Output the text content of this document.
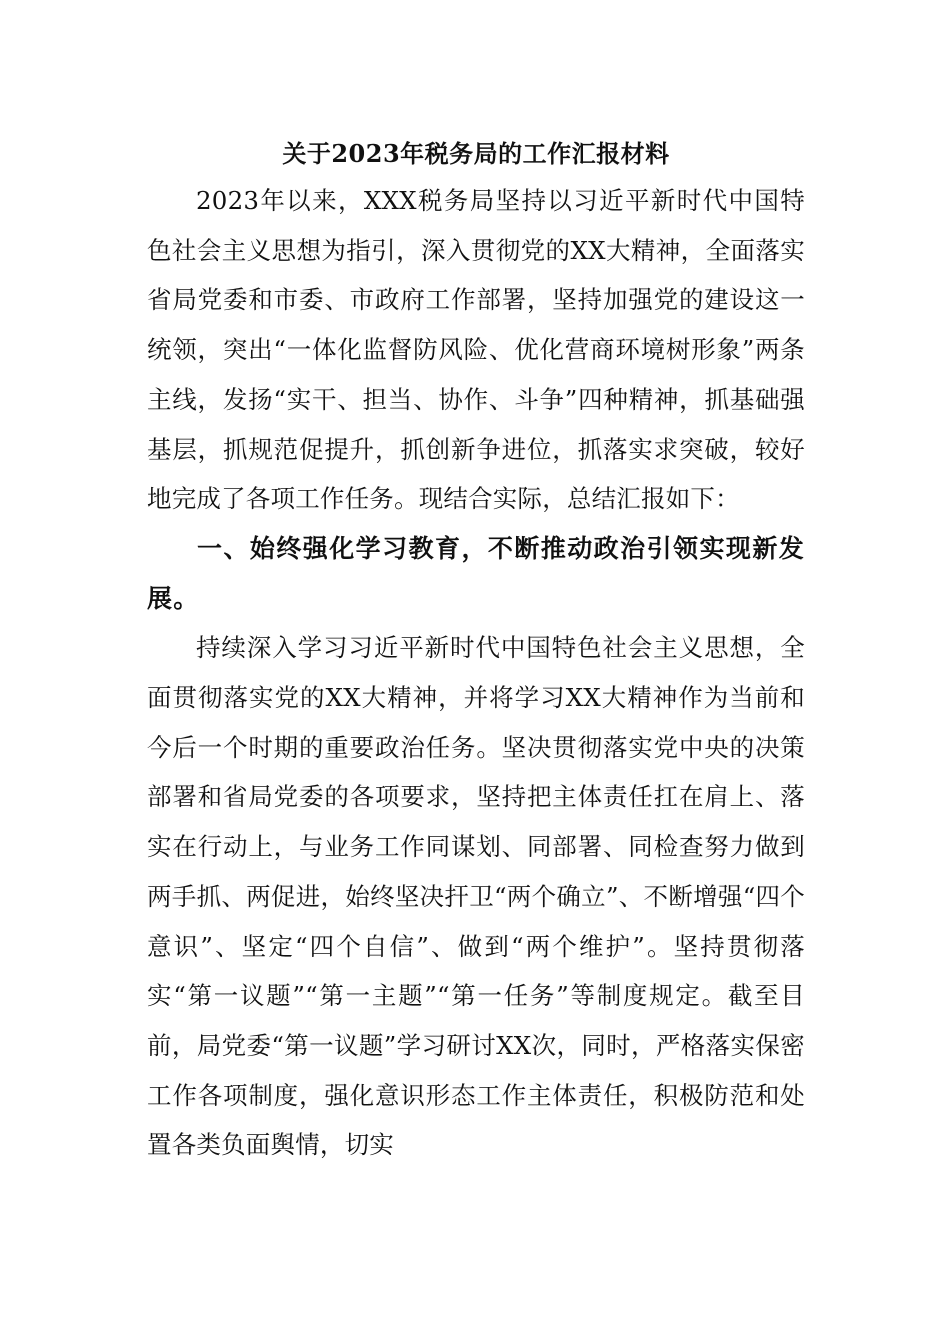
关于2023年税务局的工作汇报材料

2023年以来，XXX税务局坚持以习近平新时代中国特色社会主义思想为指引，深入贯彻党的XX大精神，全面落实省局党委和市委、市政府工作部署，坚持加强党的建设这一统领，突出“一体化监督防风险、优化营商环境树形象”两条主线，发扬“实干、担当、协作、斗争”四种精神，抓基础强基层，抓规范促提升，抓创新争进位，抓落实求突破，较好地完成了各项工作任务。现结合实际，总结汇报如下：

一、始终强化学习教育，不断推动政治引领实现新发展。

持续深入学习习近平新时代中国特色社会主义思想，全面贯彻落实党的XX大精神，并将学习XX大精神作为当前和今后一个时期的重要政治任务。坚决贯彻落实党中央的决策部署和省局党委的各项要求，坚持把主体责任扛在肩上、落实在行动上，与业务工作同谋划、同部署、同检查努力做到两手抓、两促进，始终坚决扞卫“两个确立”、不断增强“四个意识”、坚定“四个自信”、做到“两个维护”。坚持贯彻落实“第一议题”“第一主题”“第一任务”等制度规定。截至目前，局党委“第一议题”学习研讨XX次，同时，严格落实保密工作各项制度，强化意识形态工作主体责任，积极防范和处置各类负面舆情，切实
